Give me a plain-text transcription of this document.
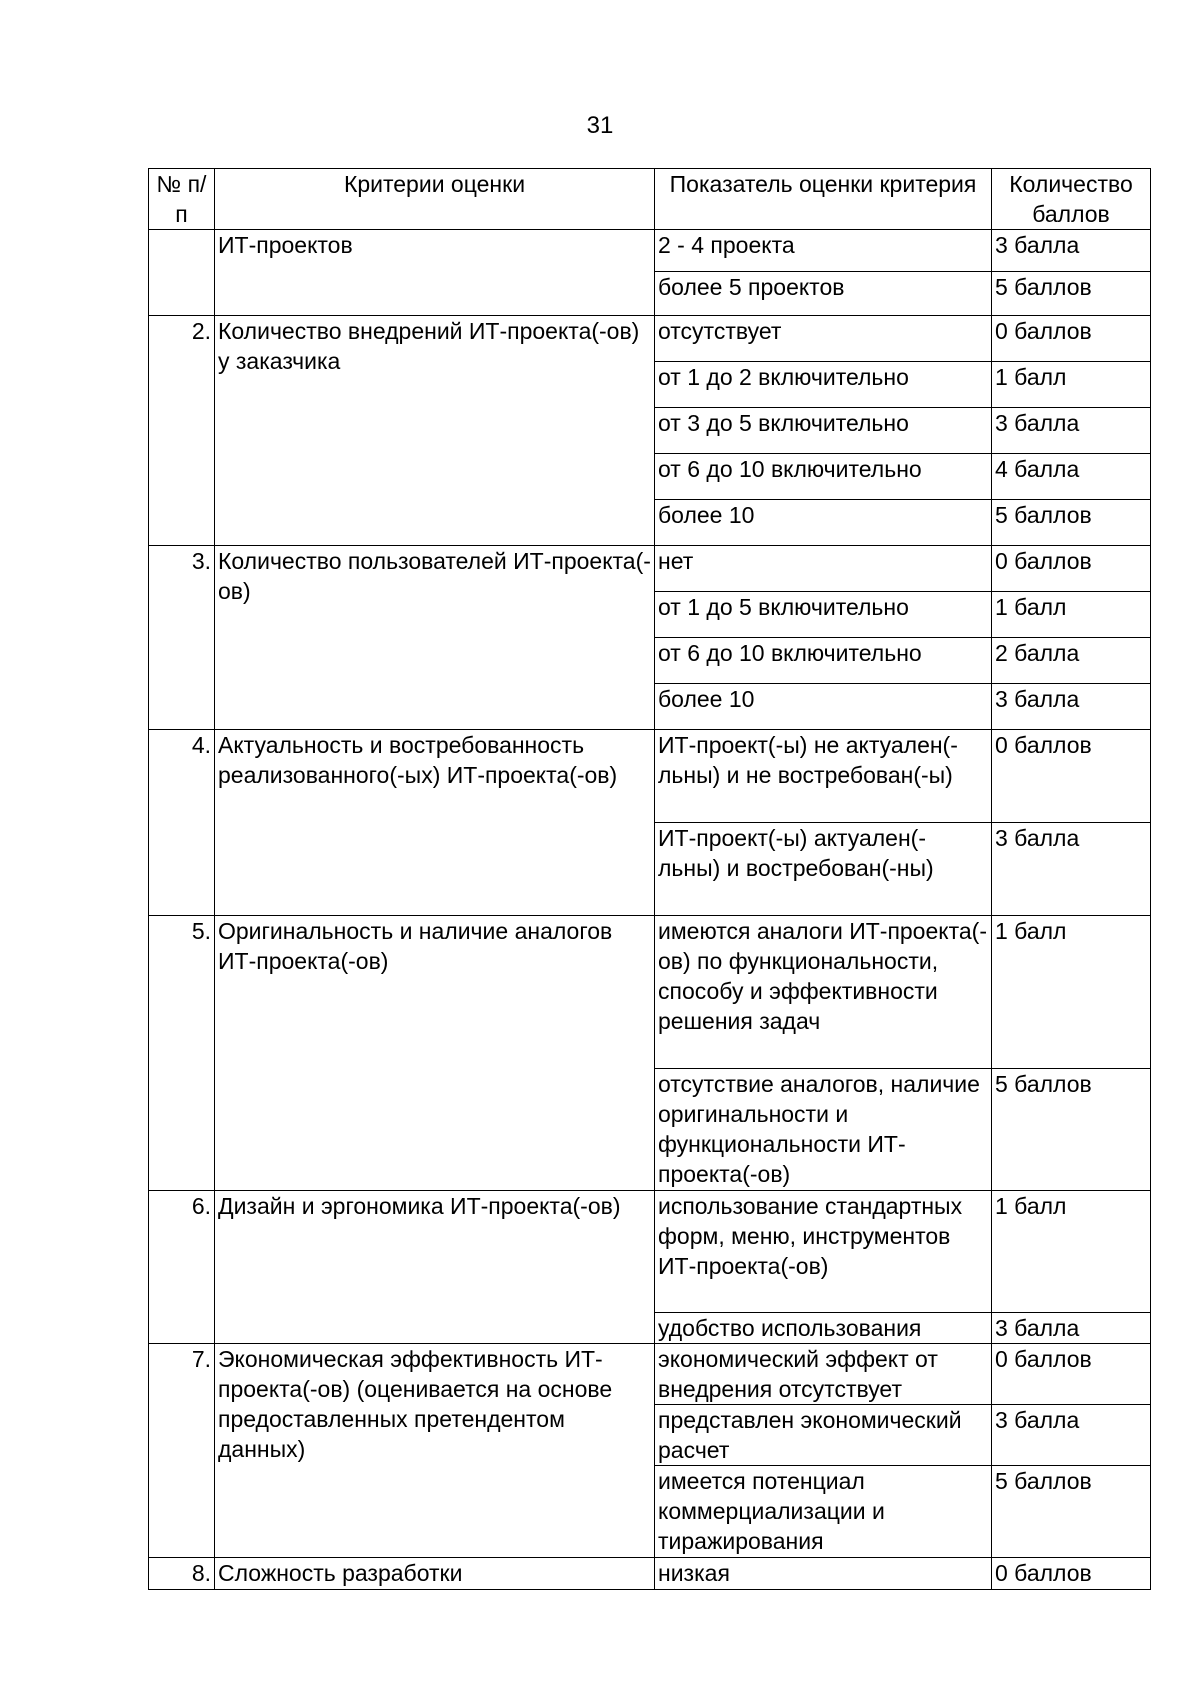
31
№ п/п	Критерии оценки	Показатель оценки критерия	Количество баллов
	ИТ-проектов	2 - 4 проекта	3 балла
		более 5 проектов	5 баллов
2.	Количество внедрений ИТ-проекта(-ов) у заказчика	отсутствует	0 баллов
		от 1 до 2 включительно	1 балл
		от 3 до 5 включительно	3 балла
		от 6 до 10 включительно	4 балла
		более 10	5 баллов
3.	Количество пользователей ИТ-проекта(-ов)	нет	0 баллов
		от 1 до 5 включительно	1 балл
		от 6 до 10 включительно	2 балла
		более 10	3 балла
4.	Актуальность и востребованность реализованного(-ых) ИТ-проекта(-ов)	ИТ-проект(-ы) не актуален(-льны) и не востребован(-ы)	0 баллов
		ИТ-проект(-ы) актуален(-льны) и востребован(-ны)	3 балла
5.	Оригинальность и наличие аналогов ИТ-проекта(-ов)	имеются аналоги ИТ-проекта(-ов) по функциональности, способу и эффективности решения задач	1 балл
		отсутствие аналогов, наличие оригинальности и функциональности ИТ-проекта(-ов)	5 баллов
6.	Дизайн и эргономика ИТ-проекта(-ов)	использование стандартных форм, меню, инструментов ИТ-проекта(-ов)	1 балл
		удобство использования	3 балла
7.	Экономическая эффективность ИТ-проекта(-ов) (оценивается на основе предоставленных претендентом данных)	экономический эффект от внедрения отсутствует	0 баллов
		представлен экономический расчет	3 балла
		имеется потенциал коммерциализации и тиражирования	5 баллов
8.	Сложность разработки	низкая	0 баллов
